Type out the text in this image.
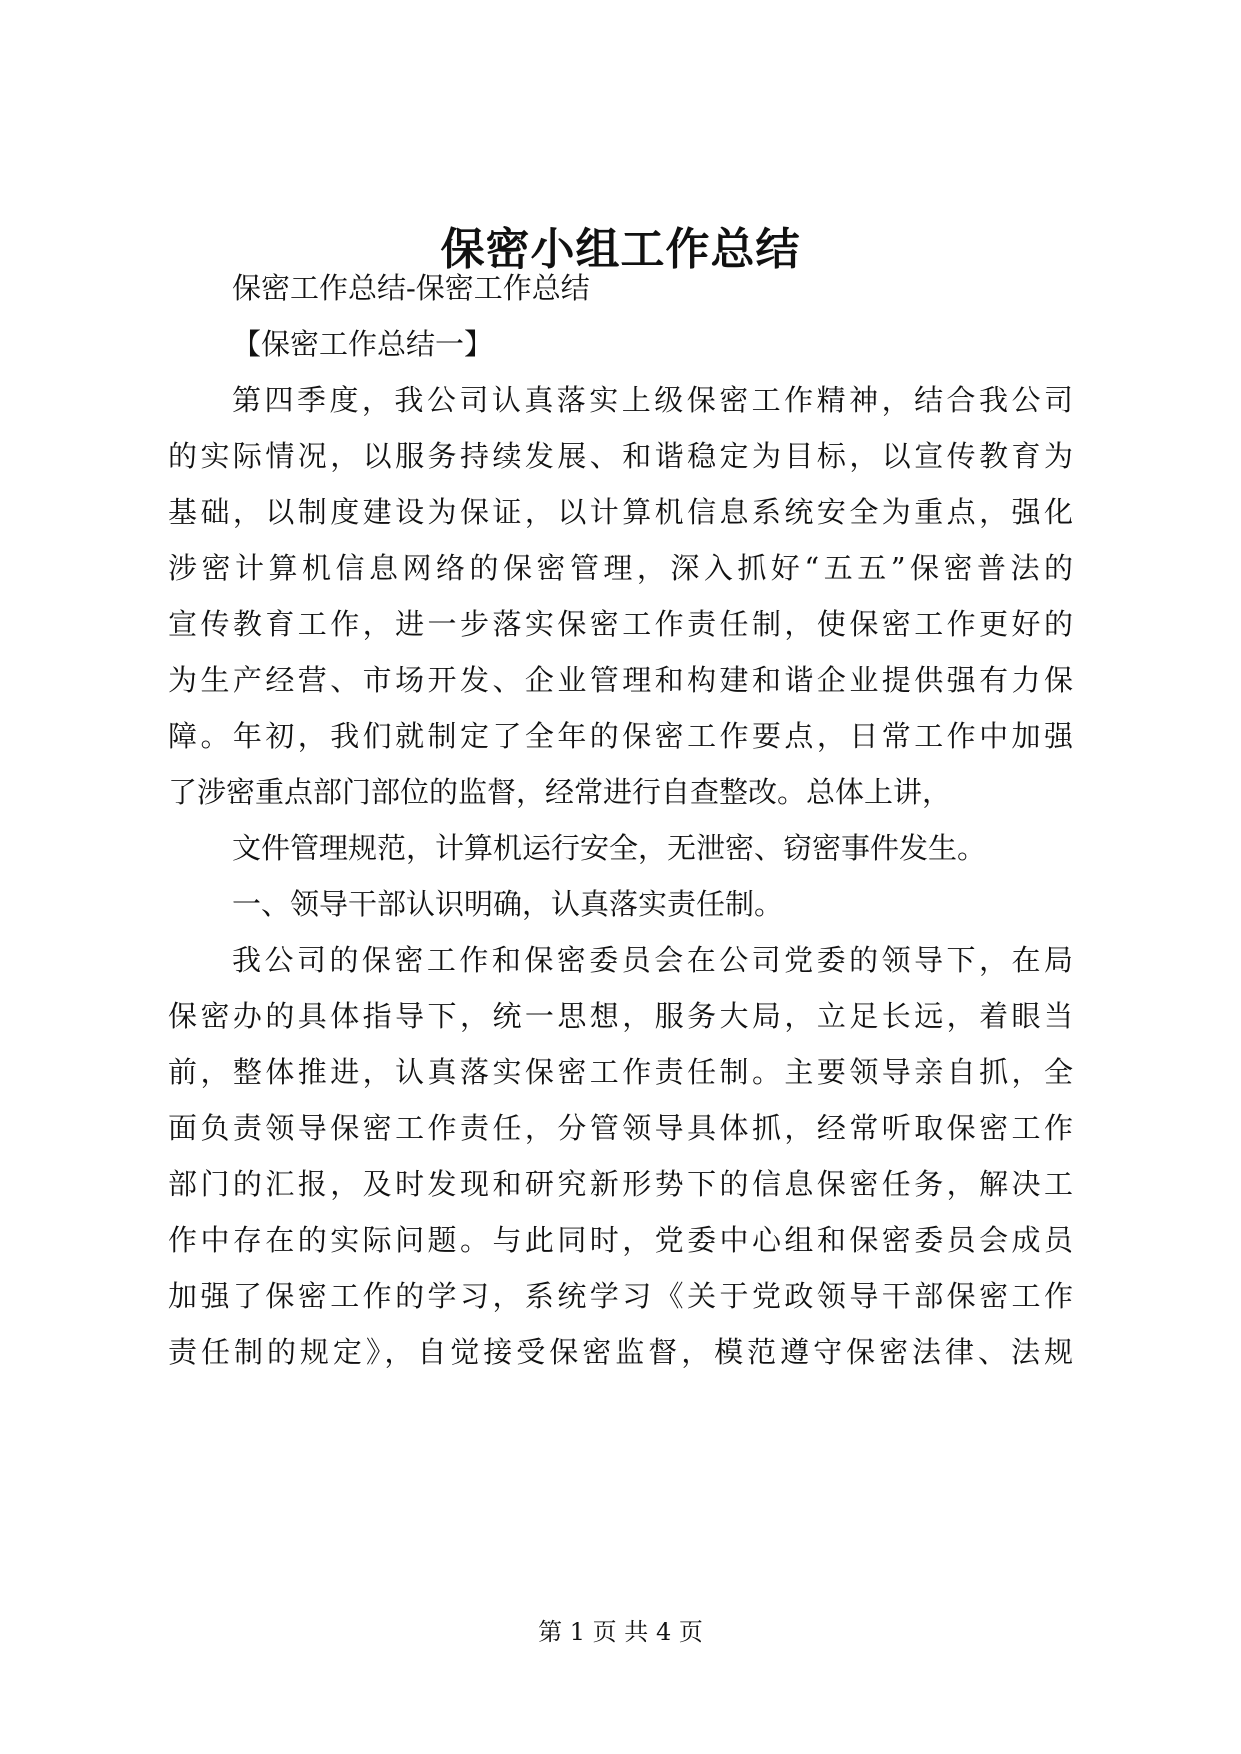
保密小组工作总结

保密工作总结-保密工作总结

【保密工作总结一】

第四季度，我公司认真落实上级保密工作精神，结合我公司

的实际情况，以服务持续发展、和谐稳定为目标，以宣传教育为

基础，以制度建设为保证，以计算机信息系统安全为重点，强化

涉密计算机信息网络的保密管理，深入抓好“五五”保密普法的

宣传教育工作，进一步落实保密工作责任制，使保密工作更好的

为生产经营、市场开发、企业管理和构建和谐企业提供强有力保

障。年初，我们就制定了全年的保密工作要点，日常工作中加强

了涉密重点部门部位的监督，经常进行自查整改。总体上讲，

文件管理规范，计算机运行安全，无泄密、窃密事件发生。

一、领导干部认识明确，认真落实责任制。

我公司的保密工作和保密委员会在公司党委的领导下，在局

保密办的具体指导下，统一思想，服务大局，立足长远，着眼当

前，整体推进，认真落实保密工作责任制。主要领导亲自抓，全

面负责领导保密工作责任，分管领导具体抓，经常听取保密工作

部门的汇报，及时发现和研究新形势下的信息保密任务，解决工

作中存在的实际问题。与此同时，党委中心组和保密委员会成员

加强了保密工作的学习，系统学习《关于党政领导干部保密工作

责任制的规定》，自觉接受保密监督，模范遵守保密法律、法规

第 1 页 共 4 页
